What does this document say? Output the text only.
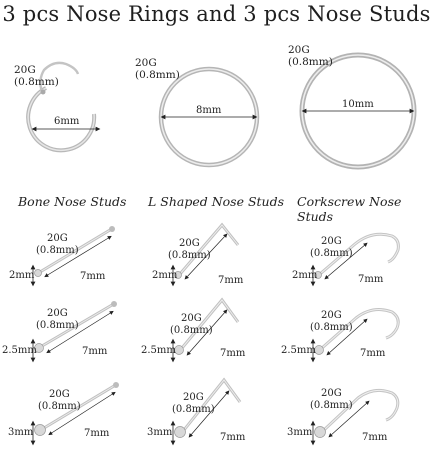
3 pcs Nose Rings and 3 pcs Nose Studs
20G
(0.8mm)
6mm
20G
(0.8mm)
8mm
20G
(0.8mm)
10mm
Bone Nose Studs L Shaped Nose Studs Corkscrew Nose Studs
20G
(0.8mm)
2mm	7mm
20G
(0.8mm)
2mm	7mm
20G
(0.8mm)
2mm	7mm
20G
(0.8mm)
2.5mm	7mm
20G
(0.8mm)
2.5mm	7mm
20G
(0.8mm)
2.5mm	7mm
20G
(0.8mm)
3mm	7mm
20G
(0.8mm)
3mm	7mm
20G
(0.8mm)
3mm	7mm
